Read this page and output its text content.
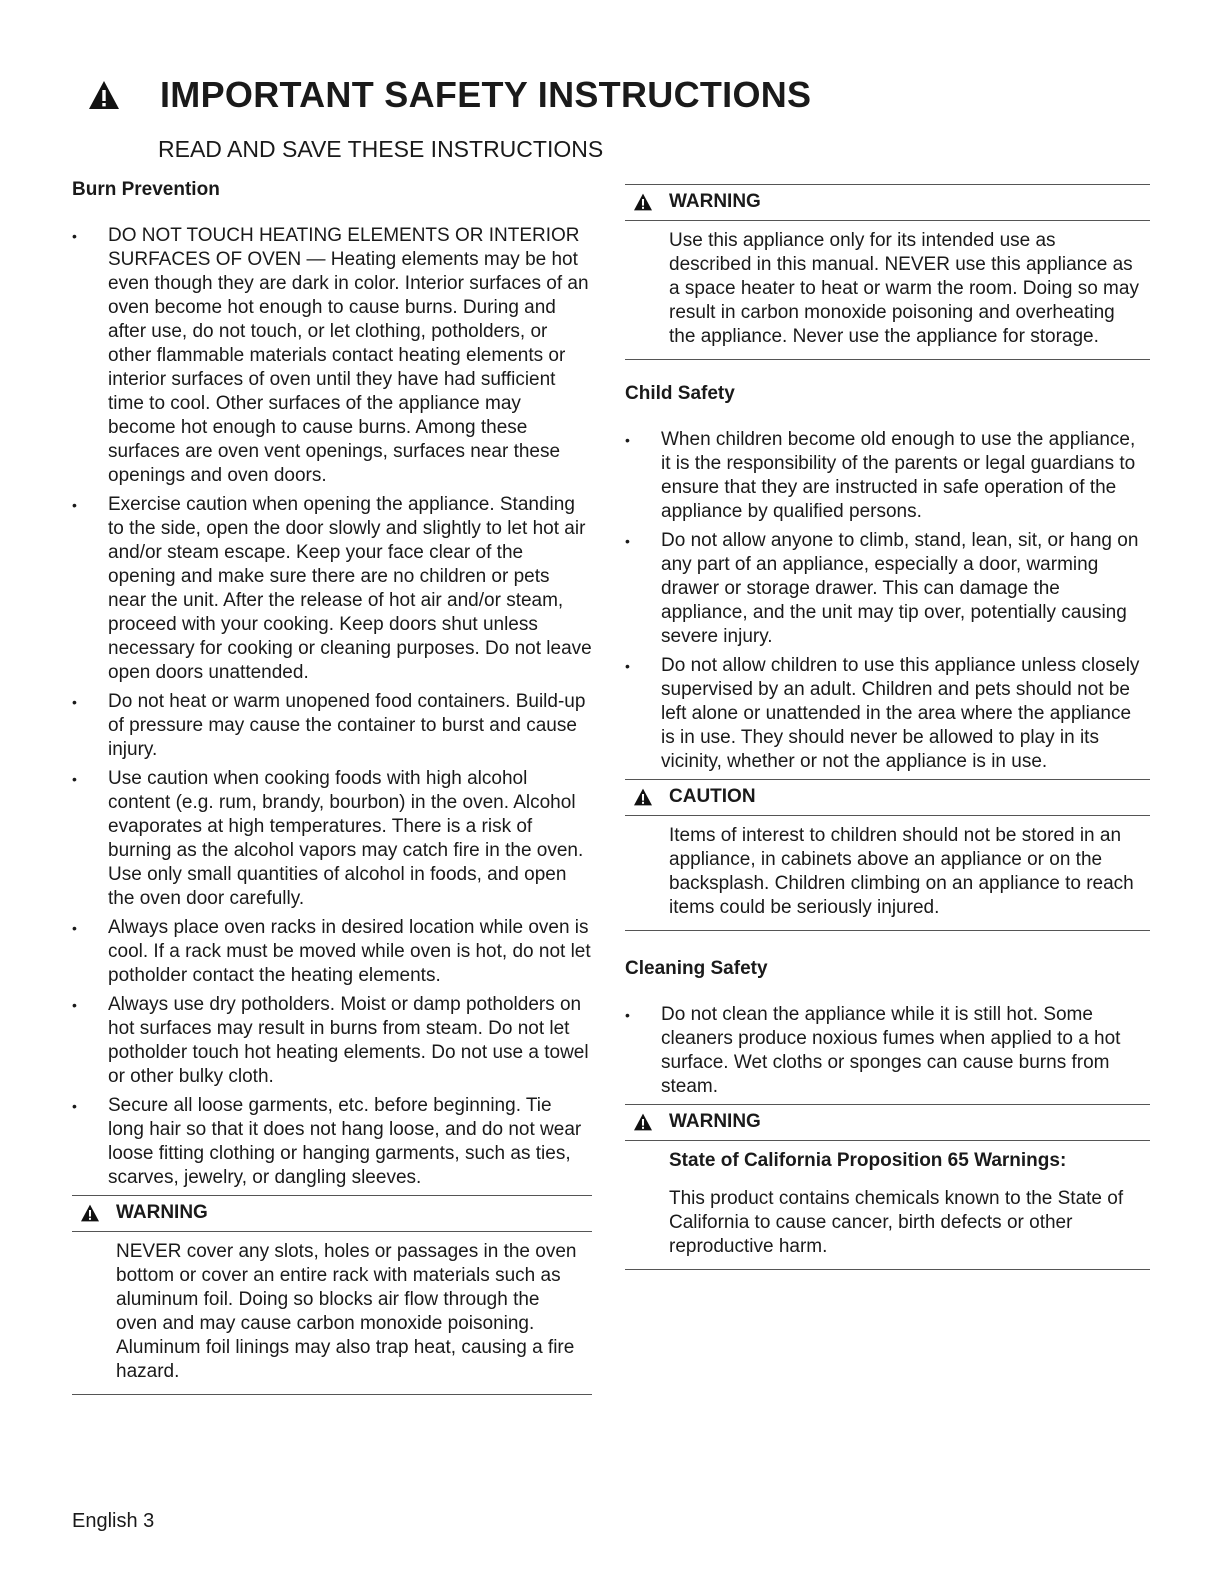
IMPORTANT SAFETY INSTRUCTIONS
READ AND SAVE THESE INSTRUCTIONS

Burn Prevention

• DO NOT TOUCH HEATING ELEMENTS OR INTERIOR SURFACES OF OVEN — Heating elements may be hot even though they are dark in color. Interior surfaces of an oven become hot enough to cause burns. During and after use, do not touch, or let clothing, potholders, or other flammable materials contact heating elements or interior surfaces of oven until they have had sufficient time to cool. Other surfaces of the appliance may become hot enough to cause burns. Among these surfaces are oven vent openings, surfaces near these openings and oven doors.
• Exercise caution when opening the appliance. Standing to the side, open the door slowly and slightly to let hot air and/or steam escape. Keep your face clear of the opening and make sure there are no children or pets near the unit. After the release of hot air and/or steam, proceed with your cooking. Keep doors shut unless necessary for cooking or cleaning purposes. Do not leave open doors unattended.
• Do not heat or warm unopened food containers. Build-up of pressure may cause the container to burst and cause injury.
• Use caution when cooking foods with high alcohol content (e.g. rum, brandy, bourbon) in the oven. Alcohol evaporates at high temperatures. There is a risk of burning as the alcohol vapors may catch fire in the oven. Use only small quantities of alcohol in foods, and open the oven door carefully.
• Always place oven racks in desired location while oven is cool. If a rack must be moved while oven is hot, do not let potholder contact the heating elements.
• Always use dry potholders. Moist or damp potholders on hot surfaces may result in burns from steam. Do not let potholder touch hot heating elements. Do not use a towel or other bulky cloth.
• Secure all loose garments, etc. before beginning. Tie long hair so that it does not hang loose, and do not wear loose fitting clothing or hanging garments, such as ties, scarves, jewelry, or dangling sleeves.
WARNING
NEVER cover any slots, holes or passages in the oven bottom or cover an entire rack with materials such as aluminum foil. Doing so blocks air flow through the oven and may cause carbon monoxide poisoning. Aluminum foil linings may also trap heat, causing a fire hazard.
WARNING
Use this appliance only for its intended use as described in this manual. NEVER use this appliance as a space heater to heat or warm the room. Doing so may result in carbon monoxide poisoning and overheating the appliance. Never use the appliance for storage.

Child Safety

• When children become old enough to use the appliance, it is the responsibility of the parents or legal guardians to ensure that they are instructed in safe operation of the appliance by qualified persons.
• Do not allow anyone to climb, stand, lean, sit, or hang on any part of an appliance, especially a door, warming drawer or storage drawer. This can damage the appliance, and the unit may tip over, potentially causing severe injury.
• Do not allow children to use this appliance unless closely supervised by an adult. Children and pets should not be left alone or unattended in the area where the appliance is in use. They should never be allowed to play in its vicinity, whether or not the appliance is in use.
CAUTION
Items of interest to children should not be stored in an appliance, in cabinets above an appliance or on the backsplash. Children climbing on an appliance to reach items could be seriously injured.

Cleaning Safety

• Do not clean the appliance while it is still hot. Some cleaners produce noxious fumes when applied to a hot surface. Wet cloths or sponges can cause burns from steam.
WARNING
State of California Proposition 65 Warnings:
This product contains chemicals known to the State of California to cause cancer, birth defects or other reproductive harm.
English 3
